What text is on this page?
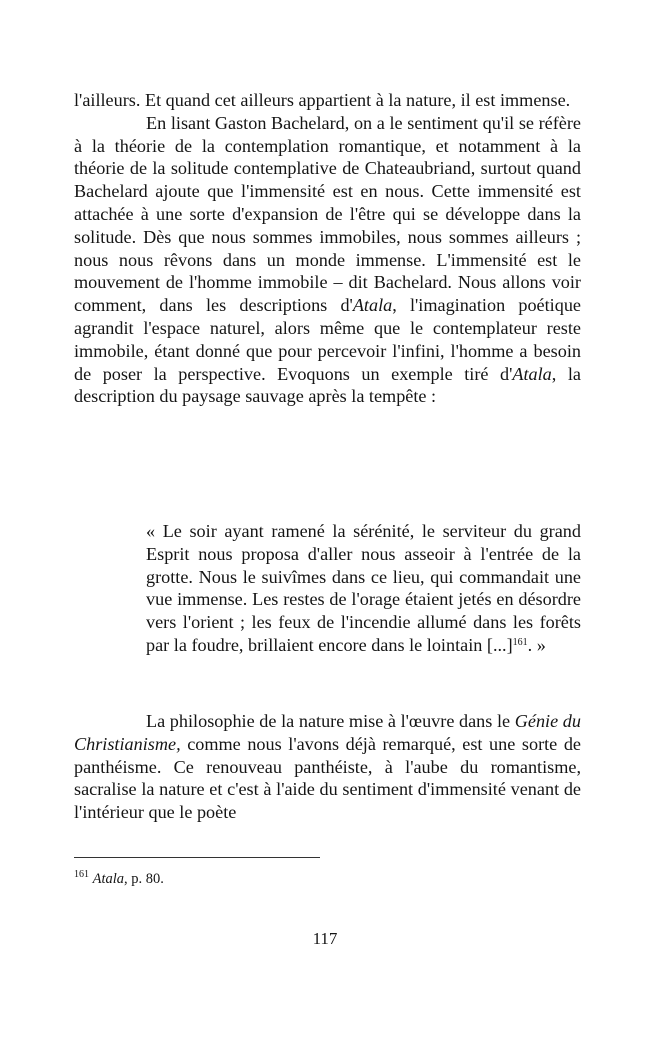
l'ailleurs. Et quand cet ailleurs appartient à la nature, il est immense.

En lisant Gaston Bachelard, on a le sentiment qu'il se réfère à la théorie de la contemplation romantique, et notamment à la théorie de la solitude contemplative de Chateaubriand, surtout quand Bachelard ajoute que l'immensité est en nous. Cette immensité est attachée à une sorte d'expansion de l'être qui se développe dans la solitude. Dès que nous sommes immobiles, nous sommes ailleurs ; nous nous rêvons dans un monde immense. L'immensité est le mouvement de l'homme immobile – dit Bachelard. Nous allons voir comment, dans les descriptions d'Atala, l'imagination poétique agrandit l'espace naturel, alors même que le contemplateur reste immobile, étant donné que pour percevoir l'infini, l'homme a besoin de poser la perspective. Evoquons un exemple tiré d'Atala, la description du paysage sauvage après la tempête :

« Le soir ayant ramené la sérénité, le serviteur du grand Esprit nous proposa d'aller nous asseoir à l'entrée de la grotte. Nous le suivîmes dans ce lieu, qui commandait une vue immense. Les restes de l'orage étaient jetés en désordre vers l'orient ; les feux de l'incendie allumé dans les forêts par la foudre, brillaient encore dans le lointain [...]$^{161}$. »

La philosophie de la nature mise à l'œuvre dans le Génie du Christianisme, comme nous l'avons déjà remarqué, est une sorte de panthéisme. Ce renouveau panthéiste, à l'aube du romantisme, sacralise la nature et c'est à l'aide du sentiment d'immensité venant de l'intérieur que le poète

$^{161}$ Atala, p. 80.
117
